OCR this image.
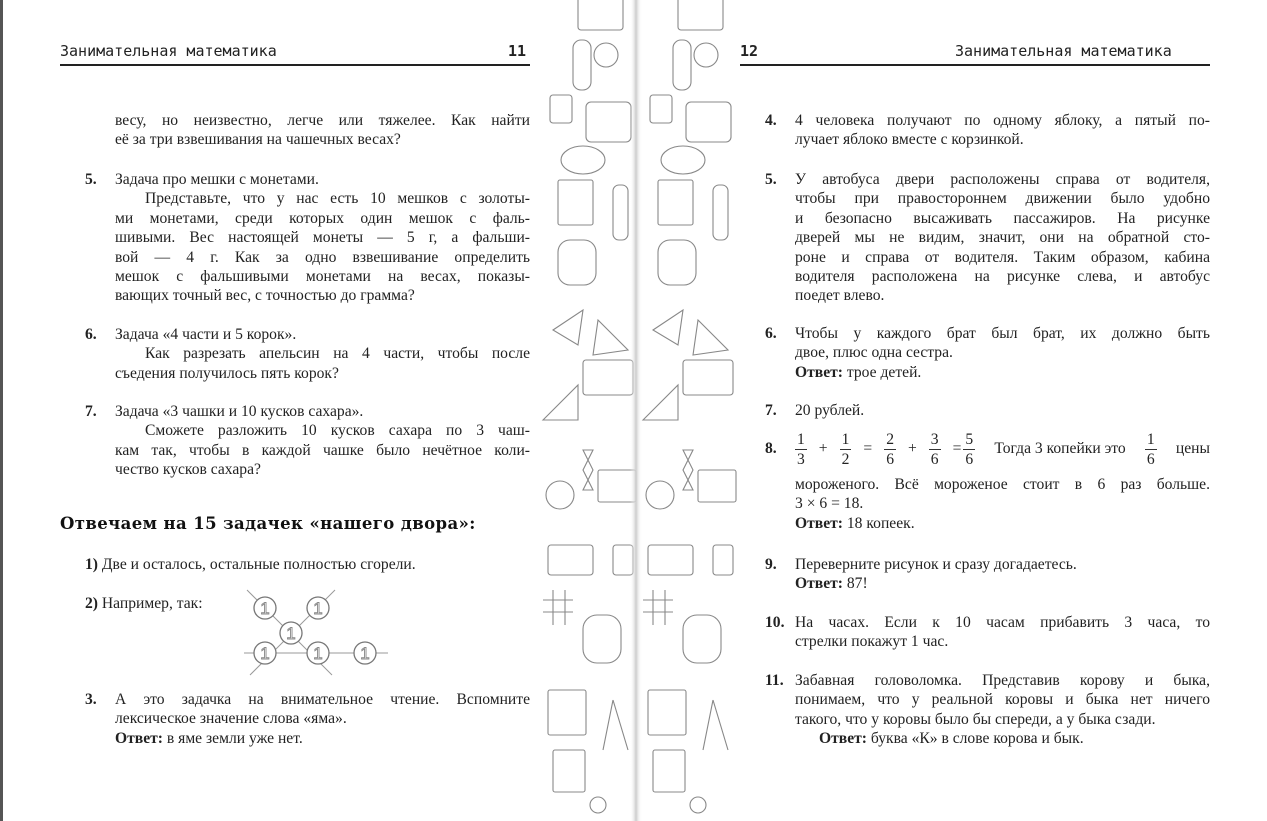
Занимательная математика	11	12	Занимательная математика
весу, но неизвестно, легче или тяжелее. Как найти
её за три взвешивания на чашечных весах?
5. Задача про мешки с монетами.
Представьте, что у нас есть 10 мешков с золоты-
ми монетами, среди которых один мешок с фаль-
шивыми. Вес настоящей монеты — 5 г, а фальши-
вой — 4 г. Как за одно взвешивание определить
мешок с фальшивыми монетами на весах, показы-
вающих точный вес, с точностью до грамма?
6. Задача «4 части и 5 корок».
Как разрезать апельсин на 4 части, чтобы после
съедения получилось пять корок?
7. Задача «3 чашки и 10 кусков сахара».
Сможете разложить 10 кусков сахара по 3 чаш-
кам так, чтобы в каждой чашке было нечётное коли-
чество кусков сахара?
Отвечаем на 15 задачек «нашего двора»:
1) Две и осталось, остальные полностью сгорели.
2) Например, так:	1	1
1
1	1 1
3. А это задачка на внимательное чтение. Вспомните
лексическое значение слова «яма».
Ответ: в яме земли уже нет.
4. 4 человека получают по одному яблоку, а пятый по-
лучает яблоко вместе с корзинкой.
5. У автобуса двери расположены справа от водителя,
чтобы при правостороннем движении было удобно
и безопасно высаживать пассажиров. На рисунке
дверей мы не видим, значит, они на обратной сто-
роне и справа от водителя. Таким образом, кабина
водителя расположена на рисунке слева, и автобус
поедет влево.
6. Чтобы у каждого брат был брат, их должно быть
двое, плюс одна сестра.
Ответ: трое детей.
7. 20 рублей.
8. $\frac{1}{3} + \frac{1}{2} = \frac{2}{6} + \frac{3}{6} = \frac{5}{6}$ Тогда 3 копейки это $\frac{1}{6}$ цены
мороженого. Всё мороженое стоит в 6 раз больше.
3 × 6 = 18.
Ответ: 18 копеек.
9. Переверните рисунок и сразу догадаетесь.
Ответ: 87!
10. На часах. Если к 10 часам прибавить 3 часа, то
стрелки покажут 1 час.
11. Забавная головоломка. Представив корову и быка,
понимаем, что у реальной коровы и быка нет ничего
такого, что у коровы было бы спереди, а у быка сзади.
Ответ: буква «К» в слове корова и бык.
